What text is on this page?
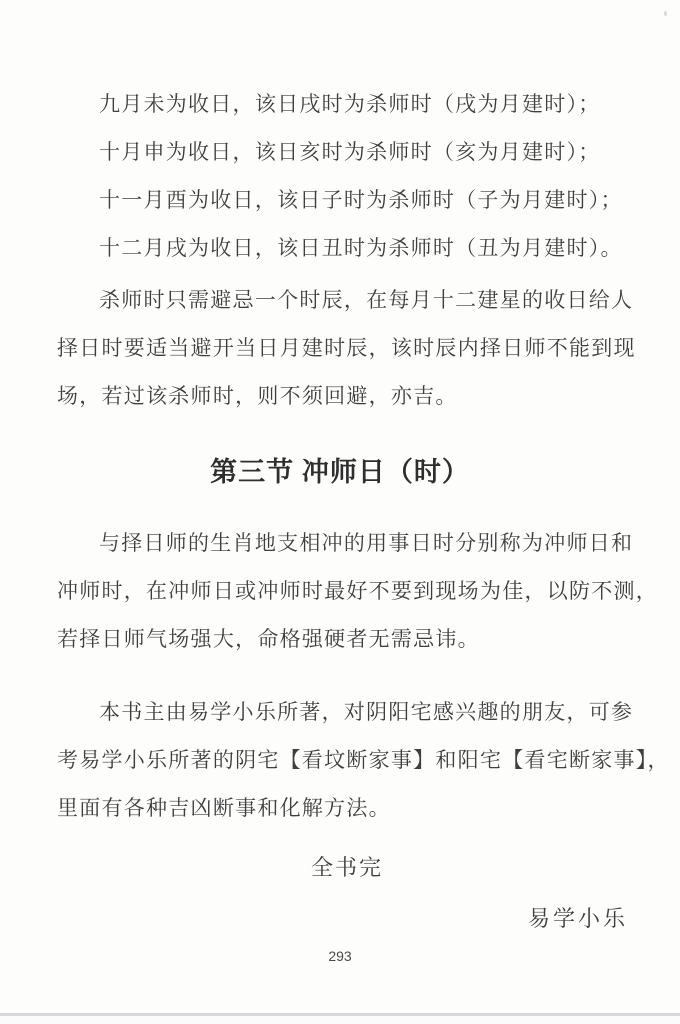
九月未为收日，该日戌时为杀师时（戌为月建时）；
十月申为收日，该日亥时为杀师时（亥为月建时）；
十一月酉为收日，该日子时为杀师时（子为月建时）；
十二月戌为收日，该日丑时为杀师时（丑为月建时）。
杀师时只需避忌一个时辰，在每月十二建星的收日给人
择日时要适当避开当日月建时辰，该时辰内择日师不能到现
场，若过该杀师时，则不须回避，亦吉。
第三节 冲师日（时）
与择日师的生肖地支相冲的用事日时分别称为冲师日和
冲师时，在冲师日或冲师时最好不要到现场为佳，以防不测，
若择日师气场强大，命格强硬者无需忌讳。
本书主由易学小乐所著，对阴阳宅感兴趣的朋友，可参
考易学小乐所著的阴宅【看坟断家事】和阳宅【看宅断家事】，
里面有各种吉凶断事和化解方法。
全书完
易学小乐
293
